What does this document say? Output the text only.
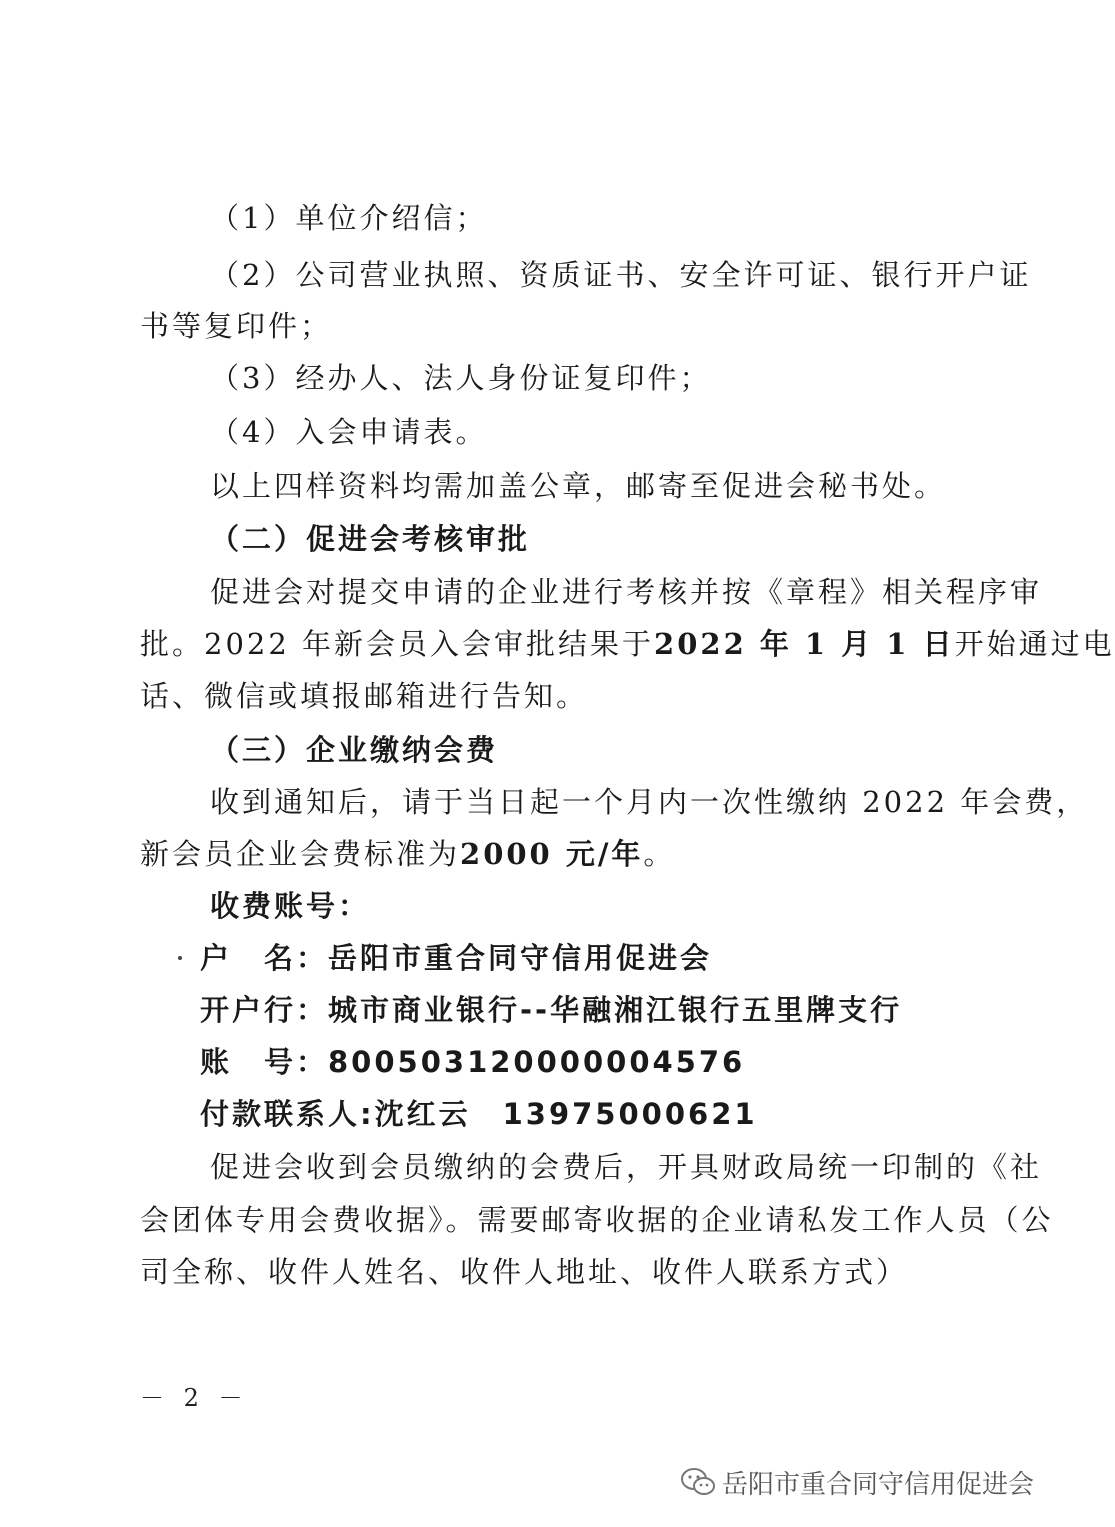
（1）单位介绍信；
（2）公司营业执照、资质证书、安全许可证、银行开户证
书等复印件；
（3）经办人、法人身份证复印件；
（4）入会申请表。
以上四样资料均需加盖公章，邮寄至促进会秘书处。
（二）促进会考核审批
促进会对提交申请的企业进行考核并按《章程》相关程序审
批。2022 年新会员入会审批结果于2022 年 1 月 1 日开始通过电
话、微信或填报邮箱进行告知。
（三）企业缴纳会费
收到通知后，请于当日起一个月内一次性缴纳 2022 年会费，
新会员企业会费标准为2000 元/年。
收费账号：
户　名：岳阳市重合同守信用促进会
开户行：城市商业银行--华融湘江银行五里牌支行
账　号：800503120000004576
付款联系人:沈红云　13975000621
促进会收到会员缴纳的会费后，开具财政局统一印制的《社
会团体专用会费收据》。需要邮寄收据的企业请私发工作人员（公
司全称、收件人姓名、收件人地址、收件人联系方式）
－ 2 －
岳阳市重合同守信用促进会
